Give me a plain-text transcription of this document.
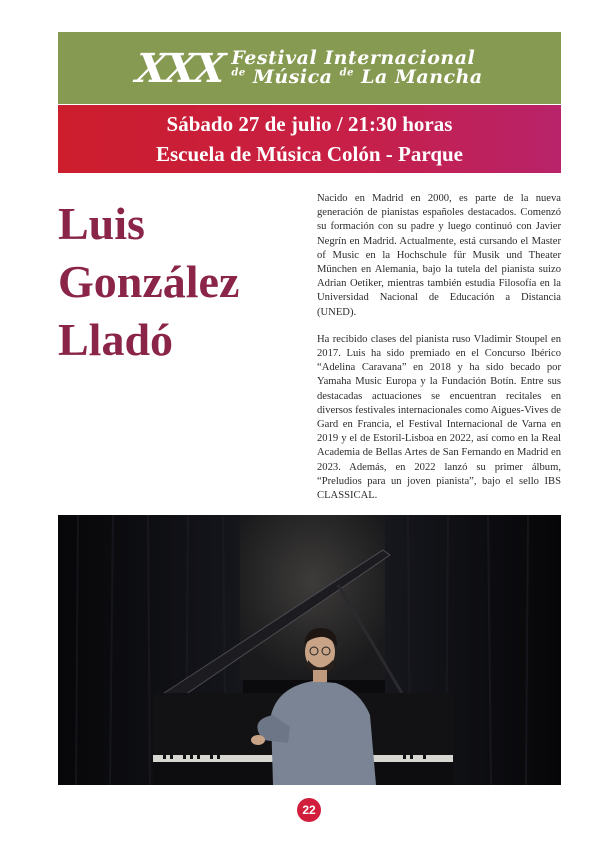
XXX Festival Internacional
$^{de}$ Música $^{de}$ La Mancha
Sábado 27 de julio / 21:30 horas
Escuela de Música Colón - Parque
Luis
González
Lladó

Nacido en Madrid en 2000, es parte de la nueva generación de pianistas españoles destacados. Comenzó su formación con su padre y luego continuó con Javier Negrín en Madrid. Actualmente, está cursando el Master of Music en la Hochschule für Musik und Theater München en Alemania, bajo la tutela del pianista suizo Adrian Oetiker, mientras también estudia Filosofía en la Universidad Nacional de Educación a Distancia (UNED).

Ha recibido clases del pianista ruso Vladimir Stoupel en 2017. Luis ha sido premiado en el Concurso Ibérico “Adelina Caravana” en 2018 y ha sido becado por Yamaha Music Europa y la Fundación Botín. Entre sus destacadas actuaciones se encuentran recitales en diversos festivales internacionales como Aigues-Vives de Gard en Francia, el Festival Internacional de Varna en 2019 y el de Estoril-Lisboa en 2022, así como en la Real Academia de Bellas Artes de San Fernando en Madrid en 2023. Además, en 2022 lanzó su primer álbum, “Preludios para un joven pianista”, bajo el sello IBS CLASSICAL.

22
